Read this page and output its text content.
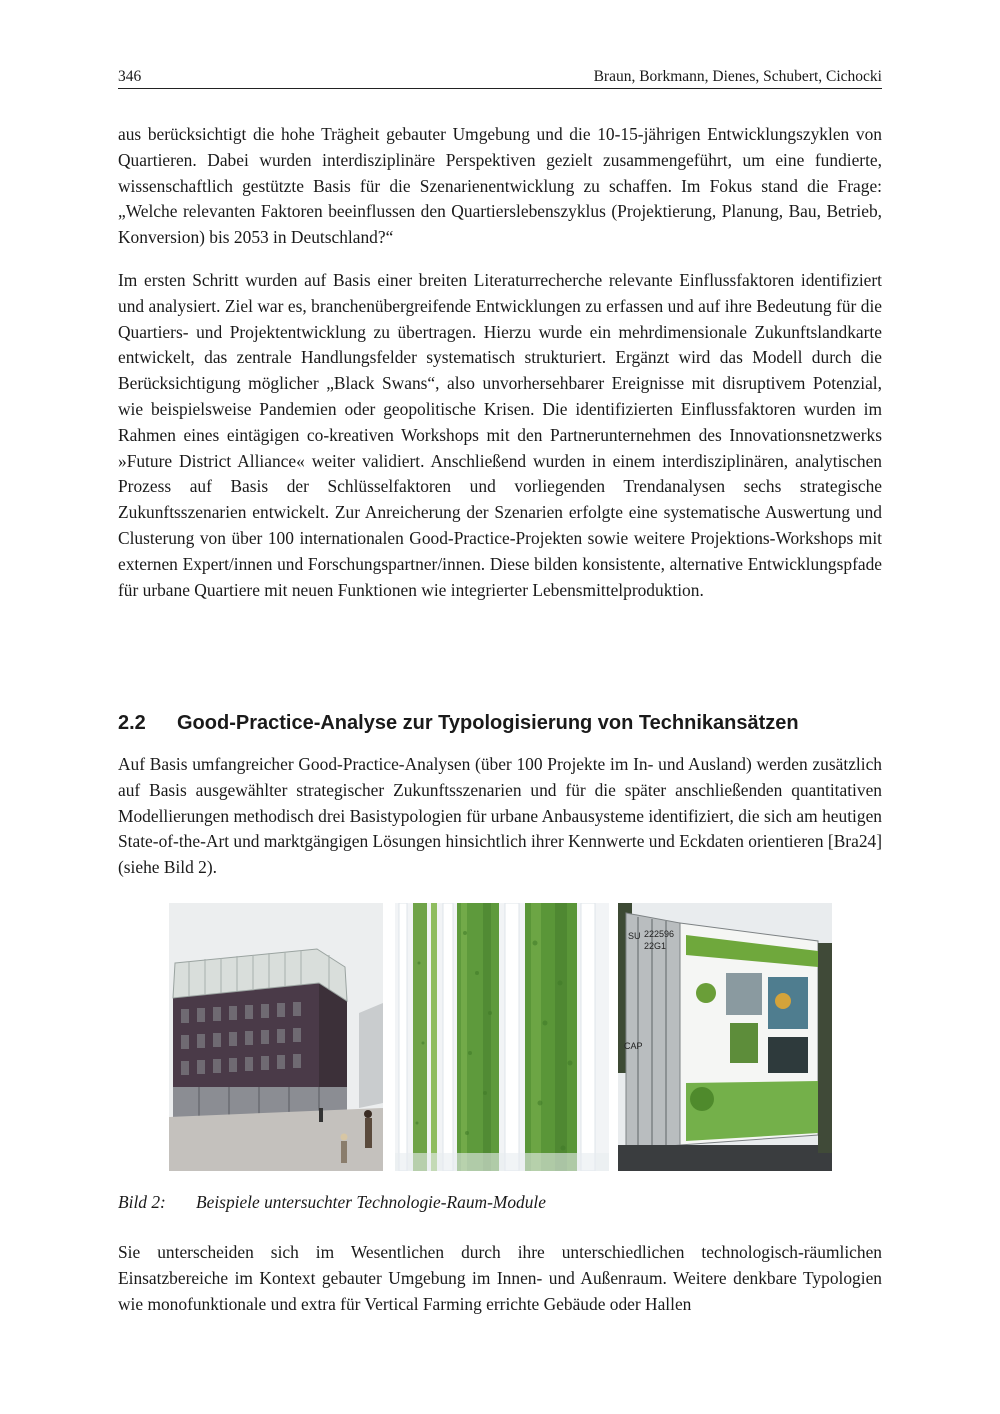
346	Braun, Borkmann, Dienes, Schubert, Cichocki

aus berücksichtigt die hohe Trägheit gebauter Umgebung und die 10-15-jährigen Entwicklungszyklen von Quartieren. Dabei wurden interdisziplinäre Perspektiven gezielt zusammengeführt, um eine fundierte, wissenschaftlich gestützte Basis für die Szenarienentwicklung zu schaffen. Im Fokus stand die Frage: „Welche relevanten Faktoren beeinflussen den Quartierslebenszyklus (Projektierung, Planung, Bau, Betrieb, Konversion) bis 2053 in Deutschland?“

Im ersten Schritt wurden auf Basis einer breiten Literaturrecherche relevante Einflussfaktoren identifiziert und analysiert. Ziel war es, branchenübergreifende Entwicklungen zu erfassen und auf ihre Bedeutung für die Quartiers- und Projektentwicklung zu übertragen. Hierzu wurde ein mehrdimensionale Zukunftslandkarte entwickelt, das zentrale Handlungsfelder systematisch strukturiert. Ergänzt wird das Modell durch die Berücksichtigung möglicher „Black Swans“, also unvorhersehbarer Ereignisse mit disruptivem Potenzial, wie beispielsweise Pandemien oder geopolitische Krisen. Die identifizierten Einflussfaktoren wurden im Rahmen eines eintägigen co-kreativen Workshops mit den Partnerunternehmen des Innovationsnetzwerks »Future District Alliance« weiter validiert. Anschließend wurden in einem interdisziplinären, analytischen Prozess auf Basis der Schlüsselfaktoren und vorliegenden Trendanalysen sechs strategische Zukunftsszenarien entwickelt. Zur Anreicherung der Szenarien erfolgte eine systematische Auswertung und Clusterung von über 100 internationalen Good-Practice-Projekten sowie weitere Projektions-Workshops mit externen Expert/innen und Forschungspartner/innen. Diese bilden konsistente, alternative Entwicklungspfade für urbane Quartiere mit neuen Funktionen wie integrierter Lebensmittelproduktion.

2.2 Good-Practice-Analyse zur Typologisierung von Technikansätzen

Auf Basis umfangreicher Good-Practice-Analysen (über 100 Projekte im In- und Ausland) werden zusätzlich auf Basis ausgewählter strategischer Zukunftsszenarien und für die später anschließenden quantitativen Modellierungen methodisch drei Basistypologien für urbane Anbausysteme identifiziert, die sich am heutigen State-of-the-Art und marktgängigen Lösungen hinsichtlich ihrer Kennwerte und Eckdaten orientieren [Bra24] (siehe Bild 2).

SU 222596
22G1
CAP
Bild 2: Beispiele untersuchter Technologie-Raum-Module

Sie unterscheiden sich im Wesentlichen durch ihre unterschiedlichen technologisch-räumlichen Einsatzbereiche im Kontext gebauter Umgebung im Innen- und Außenraum. Weitere denkbare Typologien wie monofunktionale und extra für Vertical Farming errichte Gebäude oder Hallen
